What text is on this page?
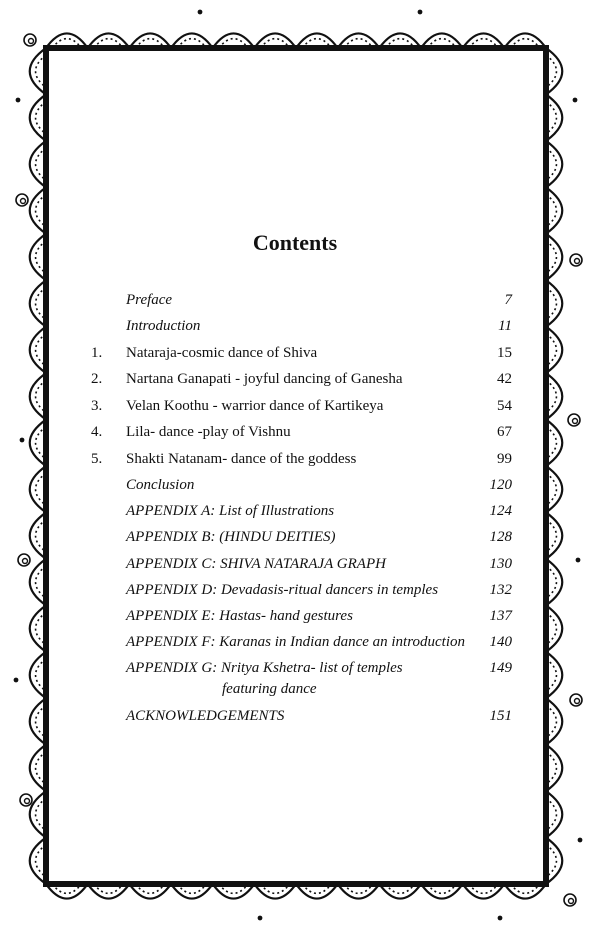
Contents
Preface	7
Introduction	11
1. Nataraja-cosmic dance of Shiva	15
2. Nartana Ganapati - joyful dancing of Ganesha	42
3. Velan Koothu - warrior dance of Kartikeya	54
4. Lila- dance -play of Vishnu	67
5. Shakti Natanam- dance of the goddess	99
Conclusion	120
APPENDIX A: List of Illustrations	124
APPENDIX B: (HINDU DEITIES)	128
APPENDIX C: SHIVA NATARAJA GRAPH	130
APPENDIX D: Devadasis-ritual dancers in temples	132
APPENDIX E: Hastas- hand gestures	137
APPENDIX F: Karanas in Indian dance an introduction	140
APPENDIX G: Nritya Kshetra- list of temples	149
featuring dance
ACKNOWLEDGEMENTS	151
